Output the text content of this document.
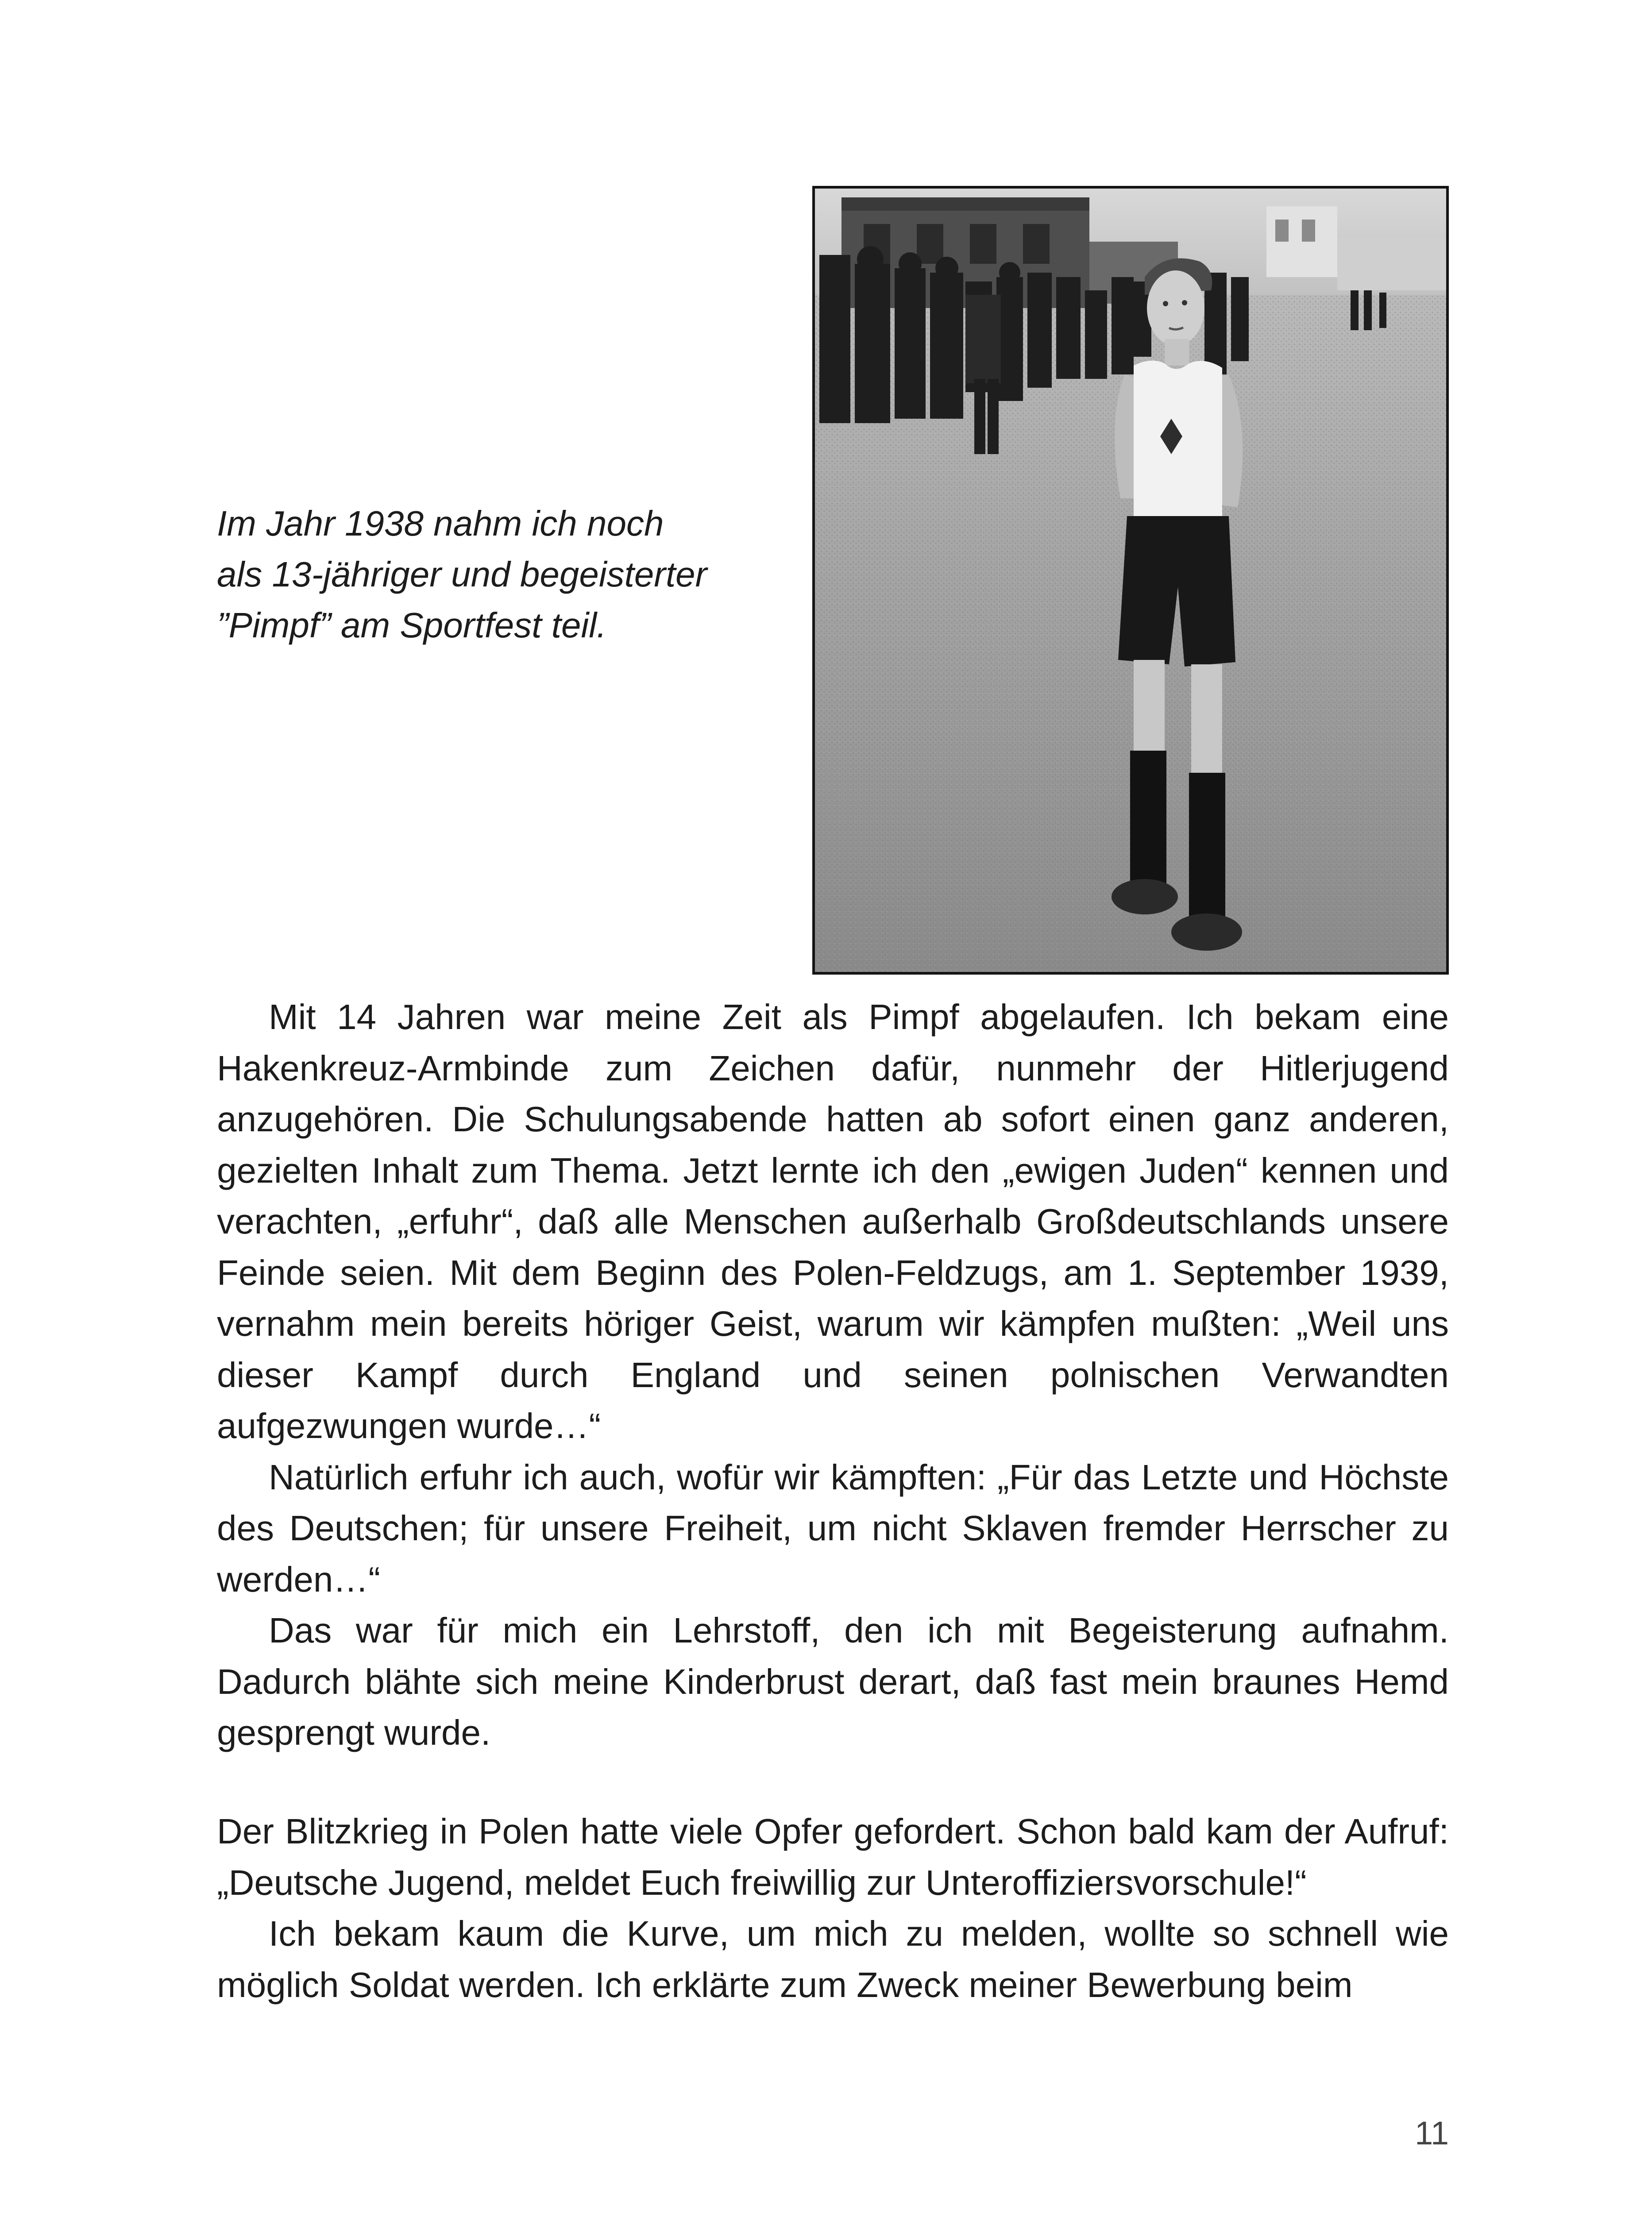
Im Jahr 1938 nahm ich noch
als 13-jähriger und begeisterter
”Pimpf” am Sportfest teil.

Mit 14 Jahren war meine Zeit als Pimpf abgelaufen. Ich bekam eine Hakenkreuz-Armbinde zum Zeichen dafür, nunmehr der Hitlerjugend anzugehören. Die Schulungsabende hatten ab sofort einen ganz anderen, gezielten Inhalt zum Thema. Jetzt lernte ich den „ewigen Juden“ kennen und verachten, „erfuhr“, daß alle Menschen außerhalb Großdeutschlands unsere Feinde seien. Mit dem Beginn des Polen-Feldzugs, am 1. September 1939, vernahm mein bereits höriger Geist, warum wir kämpfen mußten: „Weil uns dieser Kampf durch England und seinen polnischen Verwandten aufgezwungen wurde…“

Natürlich erfuhr ich auch, wofür wir kämpften: „Für das Letzte und Höchste des Deutschen; für unsere Freiheit, um nicht Sklaven fremder Herrscher zu werden…“

Das war für mich ein Lehrstoff, den ich mit Begeisterung aufnahm. Dadurch blähte sich meine Kinderbrust derart, daß fast mein braunes Hemd gesprengt wurde.

Der Blitzkrieg in Polen hatte viele Opfer gefordert. Schon bald kam der Aufruf: „Deutsche Jugend, meldet Euch freiwillig zur Unteroffiziersvorschule!“

Ich bekam kaum die Kurve, um mich zu melden, wollte so schnell wie möglich Soldat werden. Ich erklärte zum Zweck meiner Bewerbung beim

11
